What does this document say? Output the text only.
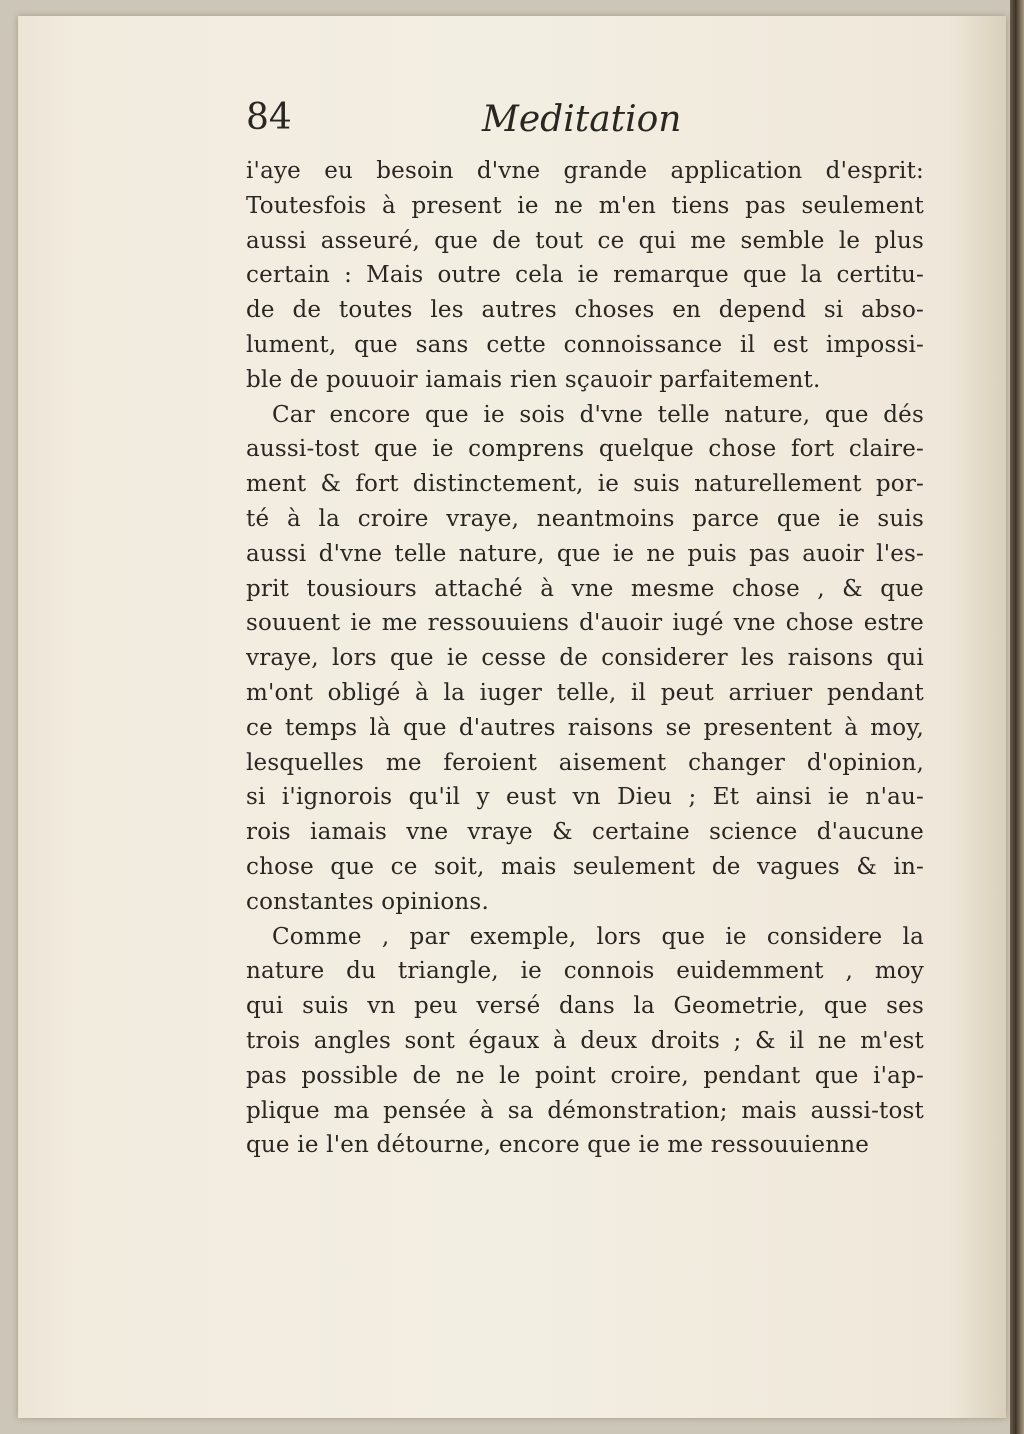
84	Meditation
i'aye eu besoin d'vne grande application d'esprit:
Toutesfois à present ie ne m'en tiens pas seulement
aussi asseuré, que de tout ce qui me semble le plus
certain : Mais outre cela ie remarque que la certitu-
de de toutes les autres choses en depend si abso-
lument, que sans cette connoissance il est impossi-
ble de pouuoir iamais rien sçauoir parfaitement.
Car encore que ie sois d'vne telle nature, que dés
aussi-tost que ie comprens quelque chose fort claire-
ment & fort distinctement, ie suis naturellement por-
té à la croire vraye, neantmoins parce que ie suis
aussi d'vne telle nature, que ie ne puis pas auoir l'es-
prit tousiours attaché à vne mesme chose , & que
souuent ie me ressouuiens d'auoir iugé vne chose estre
vraye, lors que ie cesse de considerer les raisons qui
m'ont obligé à la iuger telle, il peut arriuer pendant
ce temps là que d'autres raisons se presentent à moy,
lesquelles me feroient aisement changer d'opinion,
si i'ignorois qu'il y eust vn Dieu ; Et ainsi ie n'au-
rois iamais vne vraye & certaine science d'aucune
chose que ce soit, mais seulement de vagues & in-
constantes opinions.
Comme , par exemple, lors que ie considere la
nature du triangle, ie connois euidemment , moy
qui suis vn peu versé dans la Geometrie, que ses
trois angles sont égaux à deux droits ; & il ne m'est
pas possible de ne le point croire, pendant que i'ap-
plique ma pensée à sa démonstration; mais aussi-tost
que ie l'en détourne, encore que ie me ressouuienne
